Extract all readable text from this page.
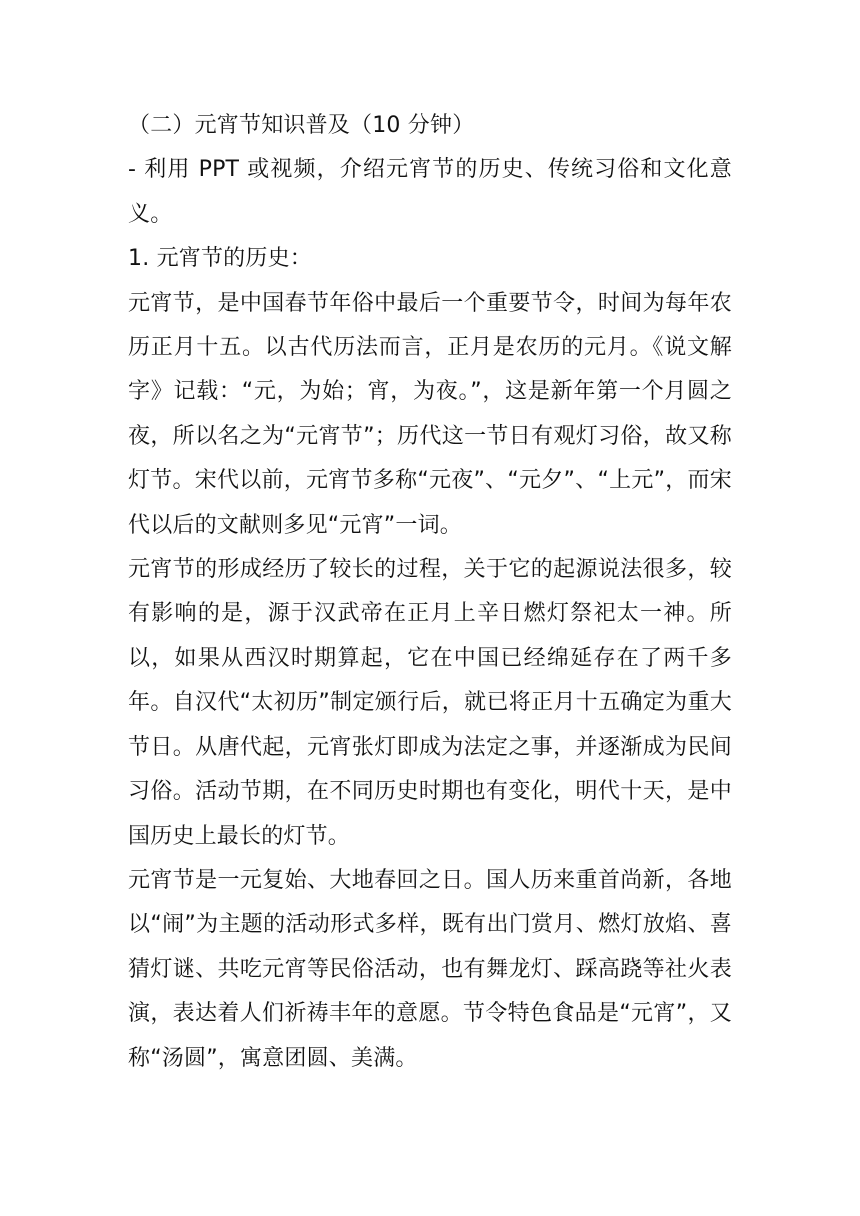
（二）元宵节知识普及（10 分钟）

- 利用 PPT 或视频，介绍元宵节的历史、传统习俗和文化意义。

1. 元宵节的历史：

元宵节，是中国春节年俗中最后一个重要节令，时间为每年农历正月十五。以古代历法而言，正月是农历的元月。《说文解字》记载：“元，为始；宵，为夜。”，这是新年第一个月圆之夜，所以名之为“元宵节”；历代这一节日有观灯习俗，故又称灯节。宋代以前，元宵节多称“元夜”、“元夕”、“上元”，而宋代以后的文献则多见“元宵”一词。

元宵节的形成经历了较长的过程，关于它的起源说法很多，较有影响的是，源于汉武帝在正月上辛日燃灯祭祀太一神。所以，如果从西汉时期算起，它在中国已经绵延存在了两千多年。自汉代“太初历”制定颁行后，就已将正月十五确定为重大节日。从唐代起，元宵张灯即成为法定之事，并逐渐成为民间习俗。活动节期，在不同历史时期也有变化，明代十天，是中国历史上最长的灯节。

元宵节是一元复始、大地春回之日。国人历来重首尚新，各地以“闹”为主题的活动形式多样，既有出门赏月、燃灯放焰、喜猜灯谜、共吃元宵等民俗活动，也有舞龙灯、踩高跷等社火表演，表达着人们祈祷丰年的意愿。节令特色食品是“元宵”，又称“汤圆”，寓意团圆、美满。
